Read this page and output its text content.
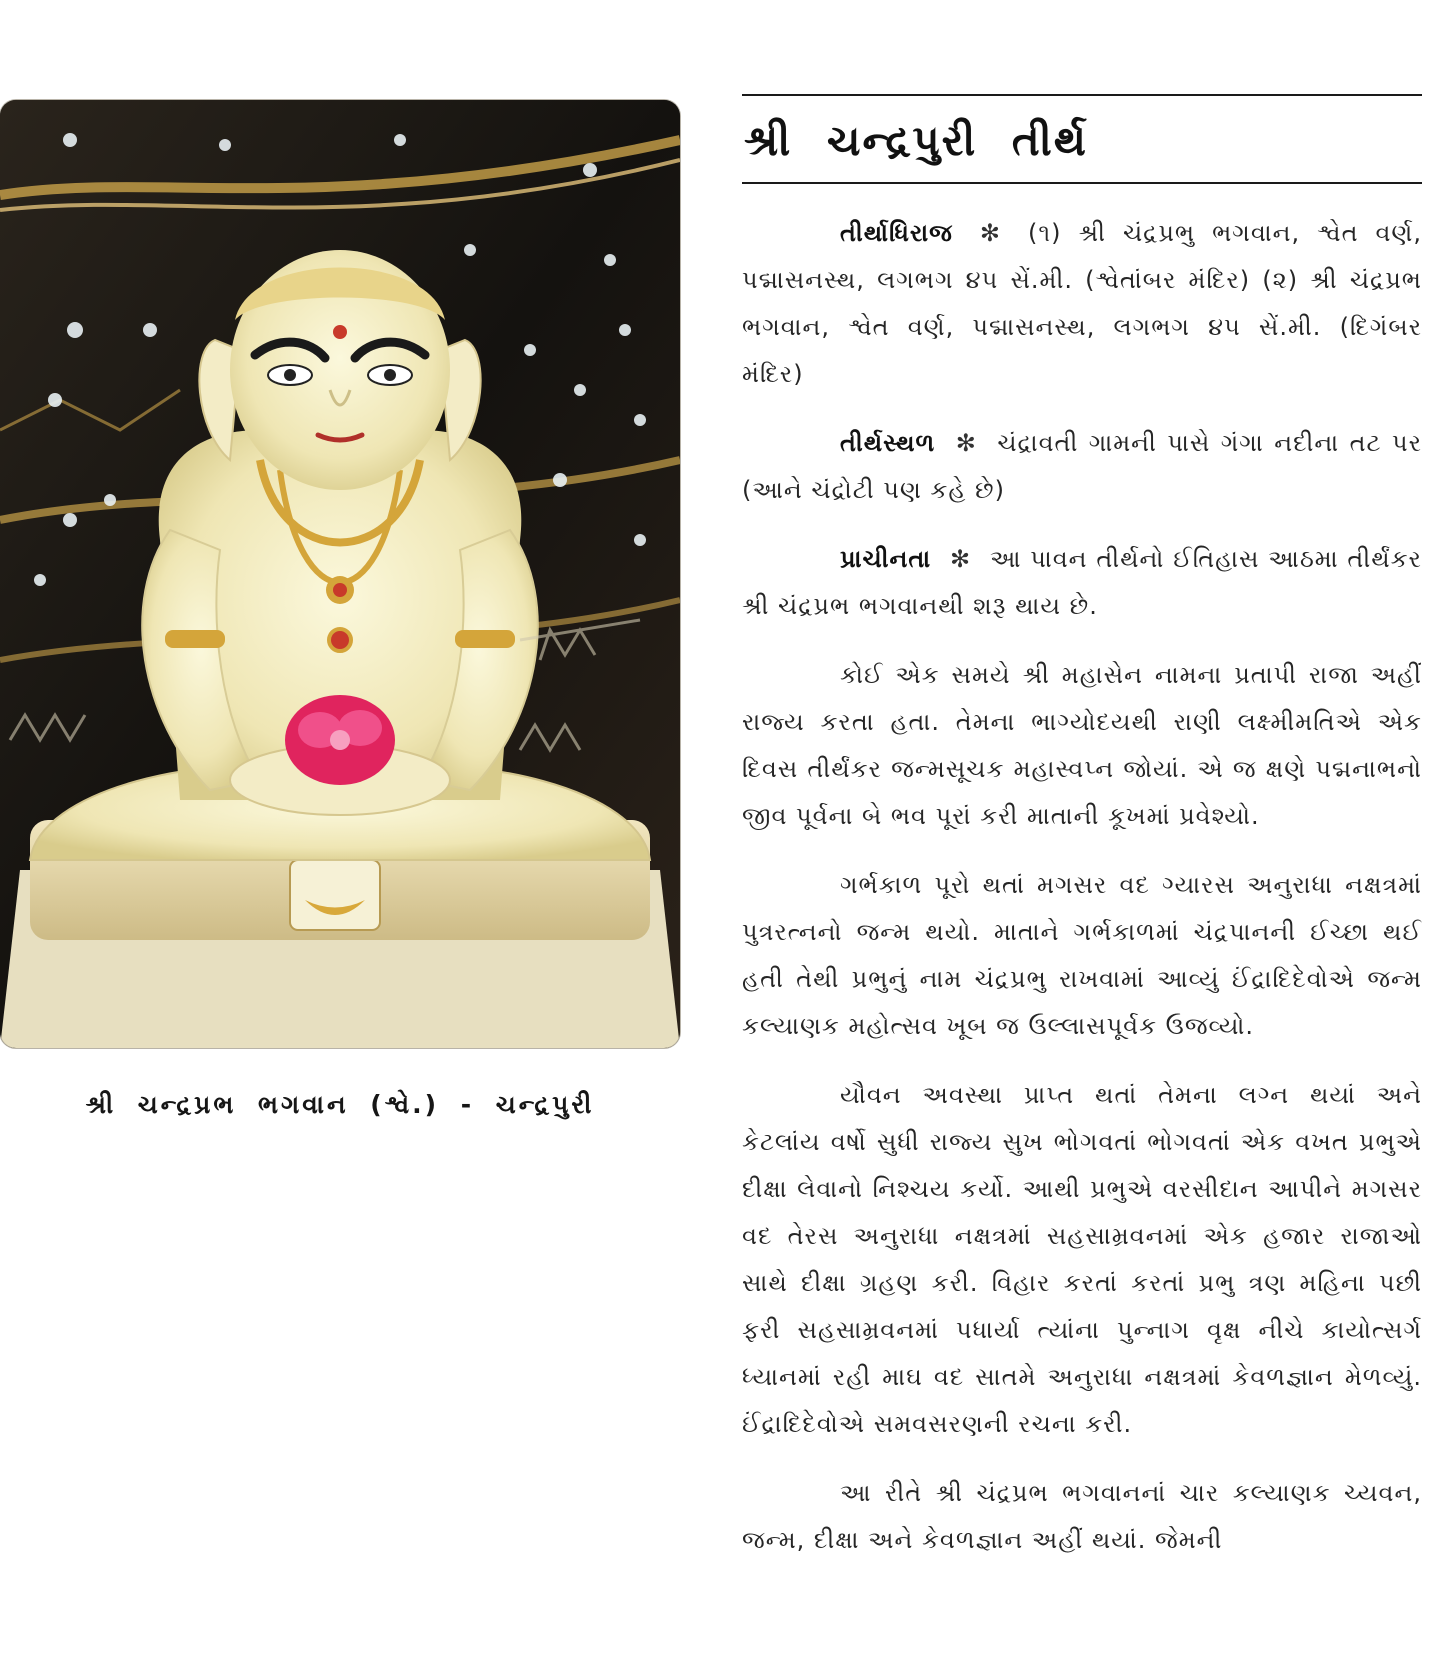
શ્રી ચન્દ્રપ્રભ ભગવાન (શ્વે.) - ચન્દ્રપુરી
શ્રી ચન્દ્રપુરી તીર્થ

તીર્થાધિરાજ ✻ (૧) શ્રી ચંદ્રપ્રભુ ભગવાન, શ્વેત વર્ણ, પદ્માસનસ્થ, લગભગ ૪૫ સેં.મી. (શ્વેતાંબર મંદિર) (૨) શ્રી ચંદ્રપ્રભ ભગવાન, શ્વેત વર્ણ, પદ્માસનસ્થ, લગભગ ૪૫ સેં.મી. (દિગંબર મંદિર)

તીર્થસ્થળ ✻ ચંદ્રાવતી ગામની પાસે ગંગા નદીના તટ પર (આને ચંદ્રોટી પણ કહે છે)

પ્રાચીનતા ✻ આ પાવન તીર્થનો ઈતિહાસ આઠમા તીર્થંકર શ્રી ચંદ્રપ્રભ ભગવાનથી શરૂ થાય છે.

કોઈ એક સમયે શ્રી મહાસેન નામના પ્રતાપી રાજા અહીં રાજ્ય કરતા હતા. તેમના ભાગ્યોદયથી રાણી લક્ષ્મીમતિએ એક દિવસ તીર્થંકર જન્મસૂચક મહાસ્વપ્ન જોયાં. એ જ ક્ષણે પદ્મનાભનો જીવ પૂર્વના બે ભવ પૂરાં કરી માતાની કૂખમાં પ્રવેશ્યો.

ગર્ભકાળ પૂરો થતાં મગસર વદ ગ્યારસ અનુરાધા નક્ષત્રમાં પુત્રરત્નનો જન્મ થયો. માતાને ગર્ભકાળમાં ચંદ્રપાનની ઈચ્છા થઈ હતી તેથી પ્રભુનું નામ ચંદ્રપ્રભુ રાખવામાં આવ્યું ઈંદ્રાદિદેવોએ જન્મ કલ્યાણક મહોત્સવ ખૂબ જ ઉલ્લાસપૂર્વક ઉજવ્યો.

યૌવન અવસ્થા પ્રાપ્ત થતાં તેમના લગ્ન થયાં અને કેટલાંય વર્ષો સુધી રાજ્ય સુખ ભોગવતાં ભોગવતાં એક વખત પ્રભુએ દીક્ષા લેવાનો નિશ્ચય કર્યો. આથી પ્રભુએ વરસીદાન આપીને મગસર વદ તેરસ અનુરાધા નક્ષત્રમાં સહસામ્રવનમાં એક હજાર રાજાઓ સાથે દીક્ષા ગ્રહણ કરી. વિહાર કરતાં કરતાં પ્રભુ ત્રણ મહિના પછી ફરી સહસામ્રવનમાં પધાર્યા ત્યાંના પુન્નાગ વૃક્ષ નીચે કાયોત્સર્ગ ધ્યાનમાં રહી માઘ વદ સાતમે અનુરાધા નક્ષત્રમાં કેવળજ્ઞાન મેળવ્યું. ઈંદ્રાદિદેવોએ સમવસરણની રચના કરી.

આ રીતે શ્રી ચંદ્રપ્રભ ભગવાનનાં ચાર કલ્યાણક ચ્યવન, જન્મ, દીક્ષા અને કેવળજ્ઞાન અહીં થયાં. જેમની
